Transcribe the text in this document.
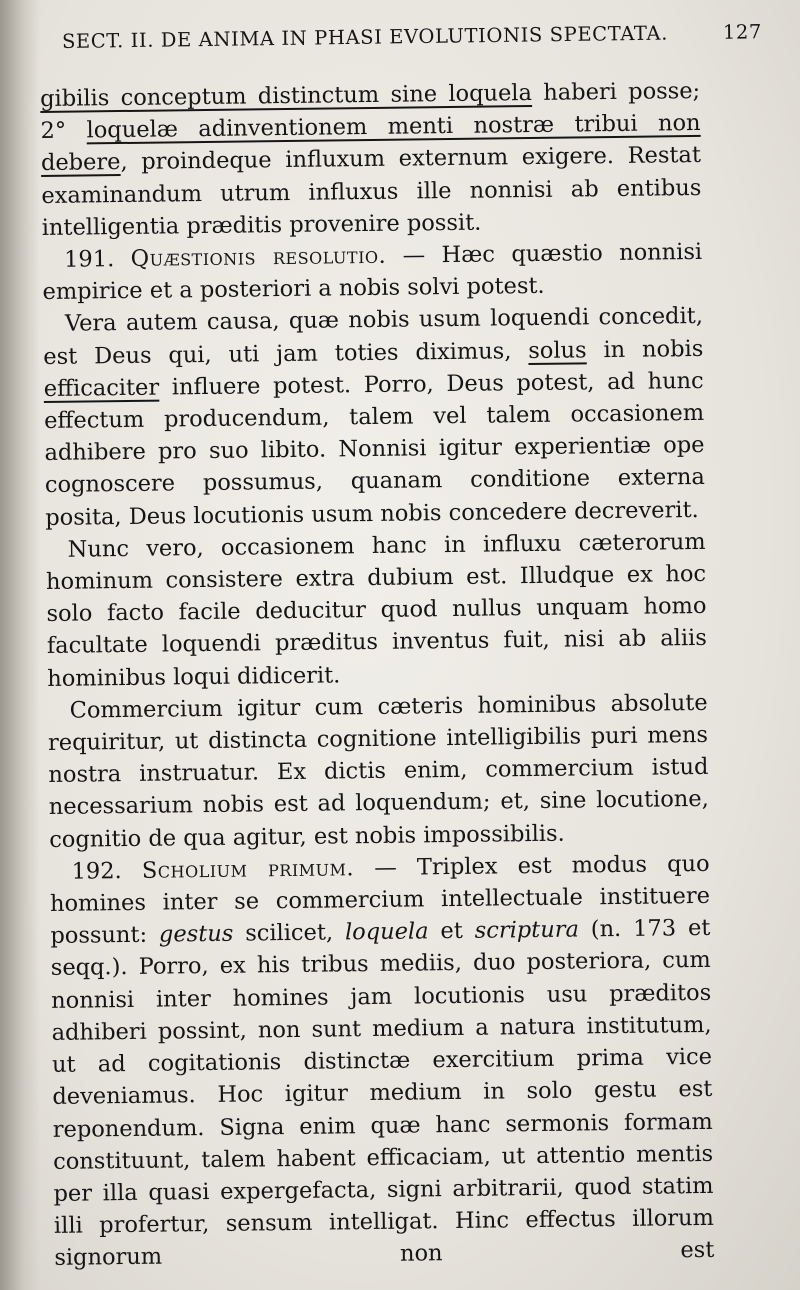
SECT. II. DE ANIMA IN PHASI EVOLUTIONIS SPECTATA.	127

gibilis conceptum distinctum sine loquela haberi posse; 2° loquelæ adinventionem menti nostræ tribui non debere, proindeque influxum externum exigere. Restat examinandum utrum influxus ille nonnisi ab entibus intelligentia præditis provenire possit.

191. Quæstionis resolutio. — Hæc quæstio nonnisi empirice et a posteriori a nobis solvi potest.

Vera autem causa, quæ nobis usum loquendi concedit, est Deus qui, uti jam toties diximus, solus in nobis efficaciter influere potest. Porro, Deus potest, ad hunc effectum producendum, talem vel talem occasionem adhibere pro suo libito. Nonnisi igitur experientiæ ope cognoscere possumus, quanam conditione externa posita, Deus locutionis usum nobis concedere decreverit.

Nunc vero, occasionem hanc in influxu cæterorum hominum consistere extra dubium est. Illudque ex hoc solo facto facile deducitur quod nullus unquam homo facultate loquendi præditus inventus fuit, nisi ab aliis hominibus loqui didicerit.

Commercium igitur cum cæteris hominibus absolute requiritur, ut distincta cognitione intelligibilis puri mens nostra instruatur. Ex dictis enim, commercium istud necessarium nobis est ad loquendum; et, sine locutione, cognitio de qua agitur, est nobis impossibilis.

192. Scholium primum. — Triplex est modus quo homines inter se commercium intellectuale instituere possunt: gestus scilicet, loquela et scriptura (n. 173 et seqq.). Porro, ex his tribus mediis, duo posteriora, cum nonnisi inter homines jam locutionis usu præditos adhiberi possint, non sunt medium a natura institutum, ut ad cogitationis distinctæ exercitium prima vice deveniamus. Hoc igitur medium in solo gestu est reponendum. Signa enim quæ hanc sermonis formam constituunt, talem habent efficaciam, ut attentio mentis per illa quasi expergefacta, signi arbitrarii, quod statim illi profertur, sensum intelligat. Hinc effectus illorum signorum non est
